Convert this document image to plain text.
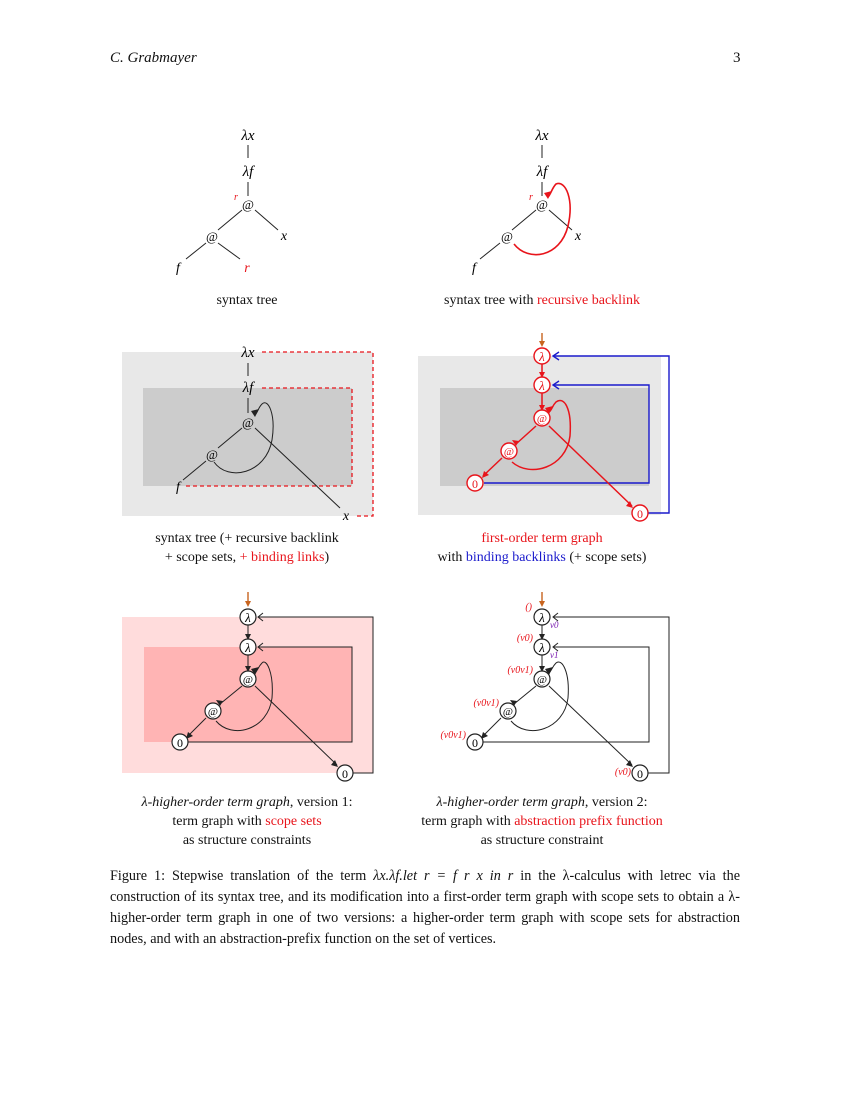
C. Grabmayer	3
λx
λf
@
@
f
x
r
r
syntax tree
λx
λf
@
@
f
x
r
syntax tree with recursive backlink
λx
λf
@
@
f
x
syntax tree (+ recursive backlink
+ scope sets, + binding links)
λ
λ
@
@
0
0
first-order term graph
with binding backlinks (+ scope sets)
λ
λ
@
@
0
0
λ-higher-order term graph, version 1:
term graph with scope sets
as structure constraints
λ
λ
@
@
0
0
v0
v1
()
(v0)
(v0v1)
(v0v1)
(v0v1)
(v0)
λ-higher-order term graph, version 2:
term graph with abstraction prefix function
as structure constraint
Figure 1: Stepwise translation of the term λx.λf.let r = f r x in r in the λ-calculus with letrec via the construction of its syntax tree, and its modification into a first-order term graph with scope sets to obtain a λ-higher-order term graph in one of two versions: a higher-order term graph with scope sets for abstraction nodes, and with an abstraction-prefix function on the set of vertices.
